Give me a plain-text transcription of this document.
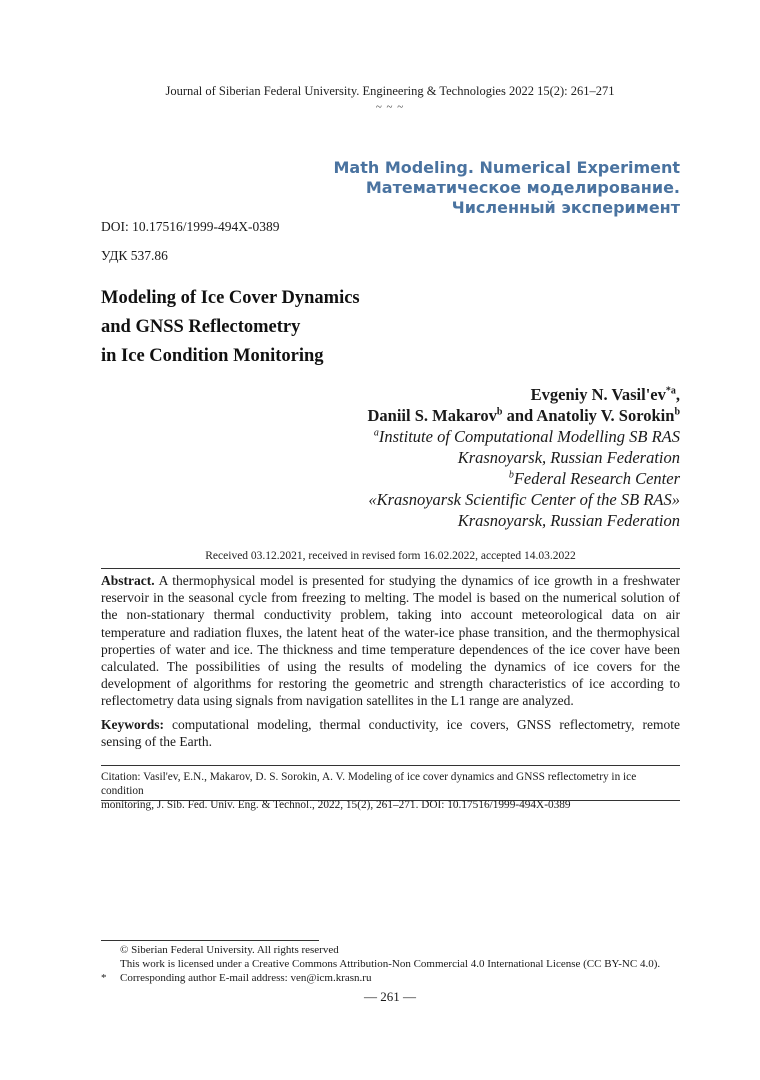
Journal of Siberian Federal University. Engineering & Technologies 2022 15(2): 261–271
~ ~ ~
Math Modeling. Numerical Experiment
Математическое моделирование.
Численный эксперимент
DOI: 10.17516/1999-494X-0389
УДК 537.86
Modeling of Ice Cover Dynamics
and GNSS Reflectometry
in Ice Condition Monitoring
Evgeniy N. $Vasil'ev^{*a}$,
Daniil S. Makarov$^b$ and Anatoliy V. Sorokin$^b$
$^a$Institute of Computational Modelling SB RAS
Krasnoyarsk, Russian Federation
$^b$Federal Research Center
«Krasnoyarsk Scientific Center of the SB RAS»
Krasnoyarsk, Russian Federation
Received 03.12.2021, received in revised form 16.02.2022, accepted 14.03.2022
Abstract. A thermophysical model is presented for studying the dynamics of ice growth in a freshwater reservoir in the seasonal cycle from freezing to melting. The model is based on the numerical solution of the non-stationary thermal conductivity problem, taking into account meteorological data on air temperature and radiation fluxes, the latent heat of the water-ice phase transition, and the thermophysical properties of water and ice. The thickness and time temperature dependences of the ice cover have been calculated. The possibilities of using the results of modeling the dynamics of ice covers for the development of algorithms for restoring the geometric and strength characteristics of ice according to reflectometry data using signals from navigation satellites in the L1 range are analyzed.
Keywords: computational modeling, thermal conductivity, ice covers, GNSS reflectometry, remote sensing of the Earth.
Citation: Vasil'ev, E.N., Makarov, D. S. Sorokin, A. V. Modeling of ice cover dynamics and GNSS reflectometry in ice condition
monitoring, J. Sib. Fed. Univ. Eng. & Technol., 2022, 15(2), 261–271. DOI: 10.17516/1999-494X-0389
© Siberian Federal University. All rights reserved
This work is licensed under a Creative Commons Attribution-Non Commercial 4.0 International License (CC BY-NC 4.0).
* Corresponding author E-mail address: ven@icm.krasn.ru
— 261 —
